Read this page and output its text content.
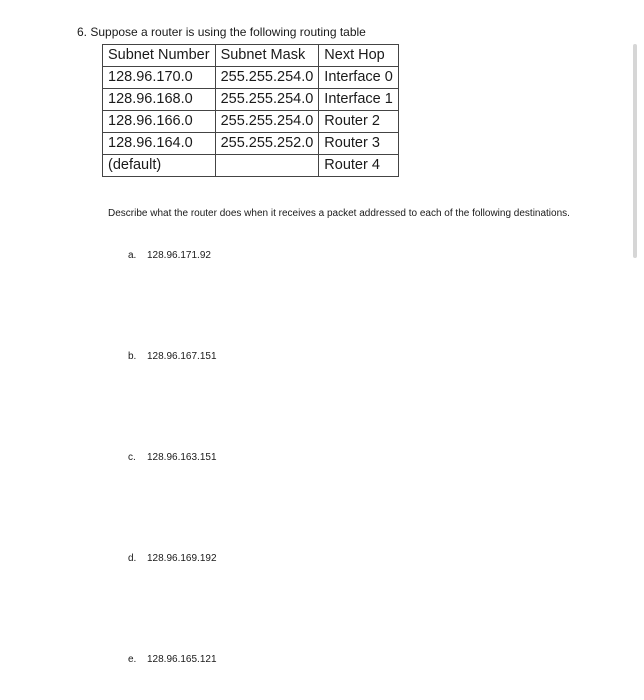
6. Suppose a router is using the following routing table
Subnet Number	Subnet Mask	Next Hop
128.96.170.0	255.255.254.0	Interface 0
128.96.168.0	255.255.254.0	Interface 1
128.96.166.0	255.255.254.0	Router 2
128.96.164.0	255.255.252.0	Router 3
(default)		Router 4
Describe what the router does when it receives a packet addressed to each of the following destinations.
a. 128.96.171.92
b. 128.96.167.151
c. 128.96.163.151
d. 128.96.169.192
e. 128.96.165.121
